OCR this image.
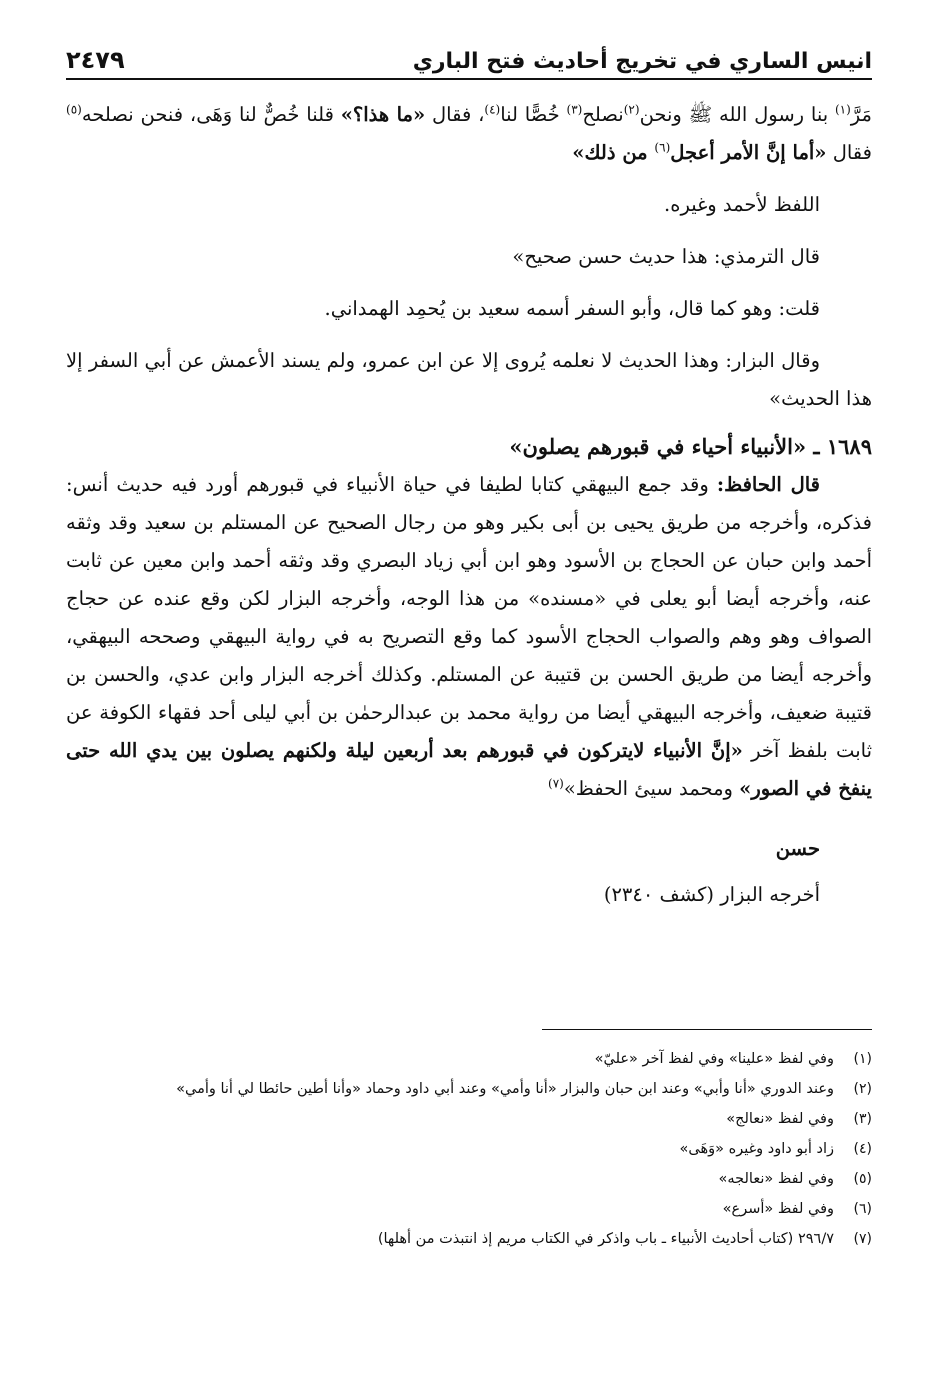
انيس الساري في تخريج أحاديث فتح الباري
٢٤٧٩

مَرَّ$^{(١)}$ بنا رسول الله ﷺ ونحن$^{(٢)}$نصلح$^{(٣)}$ خُصًّا لنا$^{(٤)}$، فقال «ما هذا؟» قلنا خُصٌّ لنا وَهَى، فنحن نصلحه$^{(٥)}$ فقال «أما إنَّ الأمر أعجل$^{(٦)}$ من ذلك»

اللفظ لأحمد وغيره.

قال الترمذي: هذا حديث حسن صحيح»

قلت: وهو كما قال، وأبو السفر أسمه سعيد بن يُحمِد الهمداني.

وقال البزار: وهذا الحديث لا نعلمه يُروى إلا عن ابن عمرو، ولم يسند الأعمش عن أبي السفر إلا هذا الحديث»

١٦٨٩ ـ «الأنبياء أحياء في قبورهم يصلون»

قال الحافظ: وقد جمع البيهقي كتابا لطيفا في حياة الأنبياء في قبورهم أورد فيه حديث أنس: فذكره، وأخرجه من طريق يحيى بن أبى بكير وهو من رجال الصحيح عن المستلم بن سعيد وقد وثقه أحمد وابن حبان عن الحجاج بن الأسود وهو ابن أبي زياد البصري وقد وثقه أحمد وابن معين عن ثابت عنه، وأخرجه أيضا أبو يعلى في «مسنده» من هذا الوجه، وأخرجه البزار لكن وقع عنده عن حجاج الصواف وهو وهم والصواب الحجاج الأسود كما وقع التصريح به في رواية البيهقي وصححه البيهقي، وأخرجه أيضا من طريق الحسن بن قتيبة عن المستلم. وكذلك أخرجه البزار وابن عدي، والحسن بن قتيبة ضعيف، وأخرجه البيهقي أيضا من رواية محمد بن عبدالرحمٰن بن أبي ليلى أحد فقهاء الكوفة عن ثابت بلفظ آخر «إنَّ الأنبياء لايتركون في قبورهم بعد أربعين ليلة ولكنهم يصلون بين يدي الله حتى ينفخ في الصور» ومحمد سيئ الحفظ»$^{(٧)}$

حسن

أخرجه البزار (كشف ٢٣٤٠)

(١)
وفي لفظ «علينا» وفي لفظ آخر «عليّ»
(٢)
وعند الدوري «أنا وأبي» وعند ابن حبان والبزار «أنا وأمي» وعند أبي داود وحماد «وأنا أطين حائطا لي أنا وأمي»
(٣)
وفي لفظ «نعالج»
(٤)
زاد أبو داود وغيره «وَهَى»
(٥)
وفي لفظ «نعالجه»
(٦)
وفي لفظ «أسرع»
(٧)
٢٩٦/٧ (كتاب أحاديث الأنبياء ـ باب واذكر في الكتاب مريم إذ انتبذت من أهلها)
